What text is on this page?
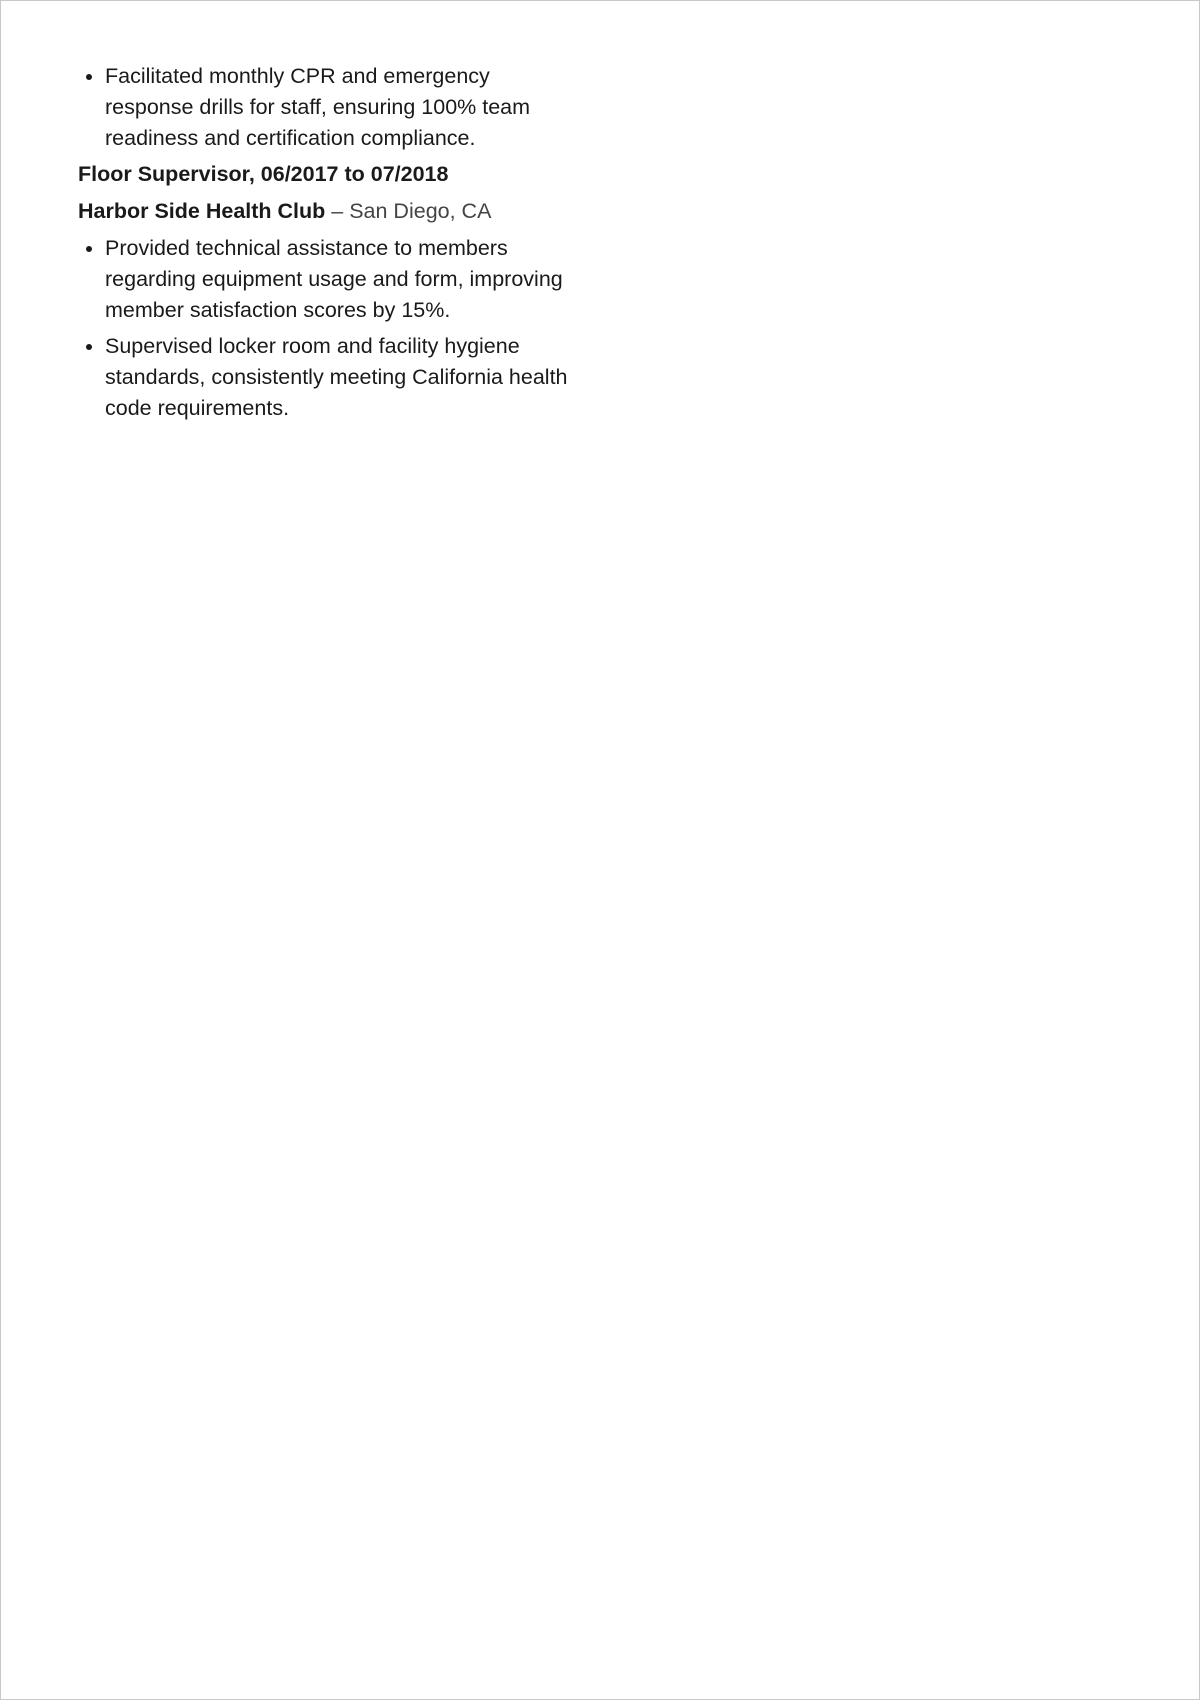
• Facilitated monthly CPR and emergency response drills for staff, ensuring 100% team readiness and certification compliance.
Floor Supervisor, 06/2017 to 07/2018
Harbor Side Health Club – San Diego, CA
• Provided technical assistance to members regarding equipment usage and form, improving member satisfaction scores by 15%.
• Supervised locker room and facility hygiene standards, consistently meeting California health code requirements.
